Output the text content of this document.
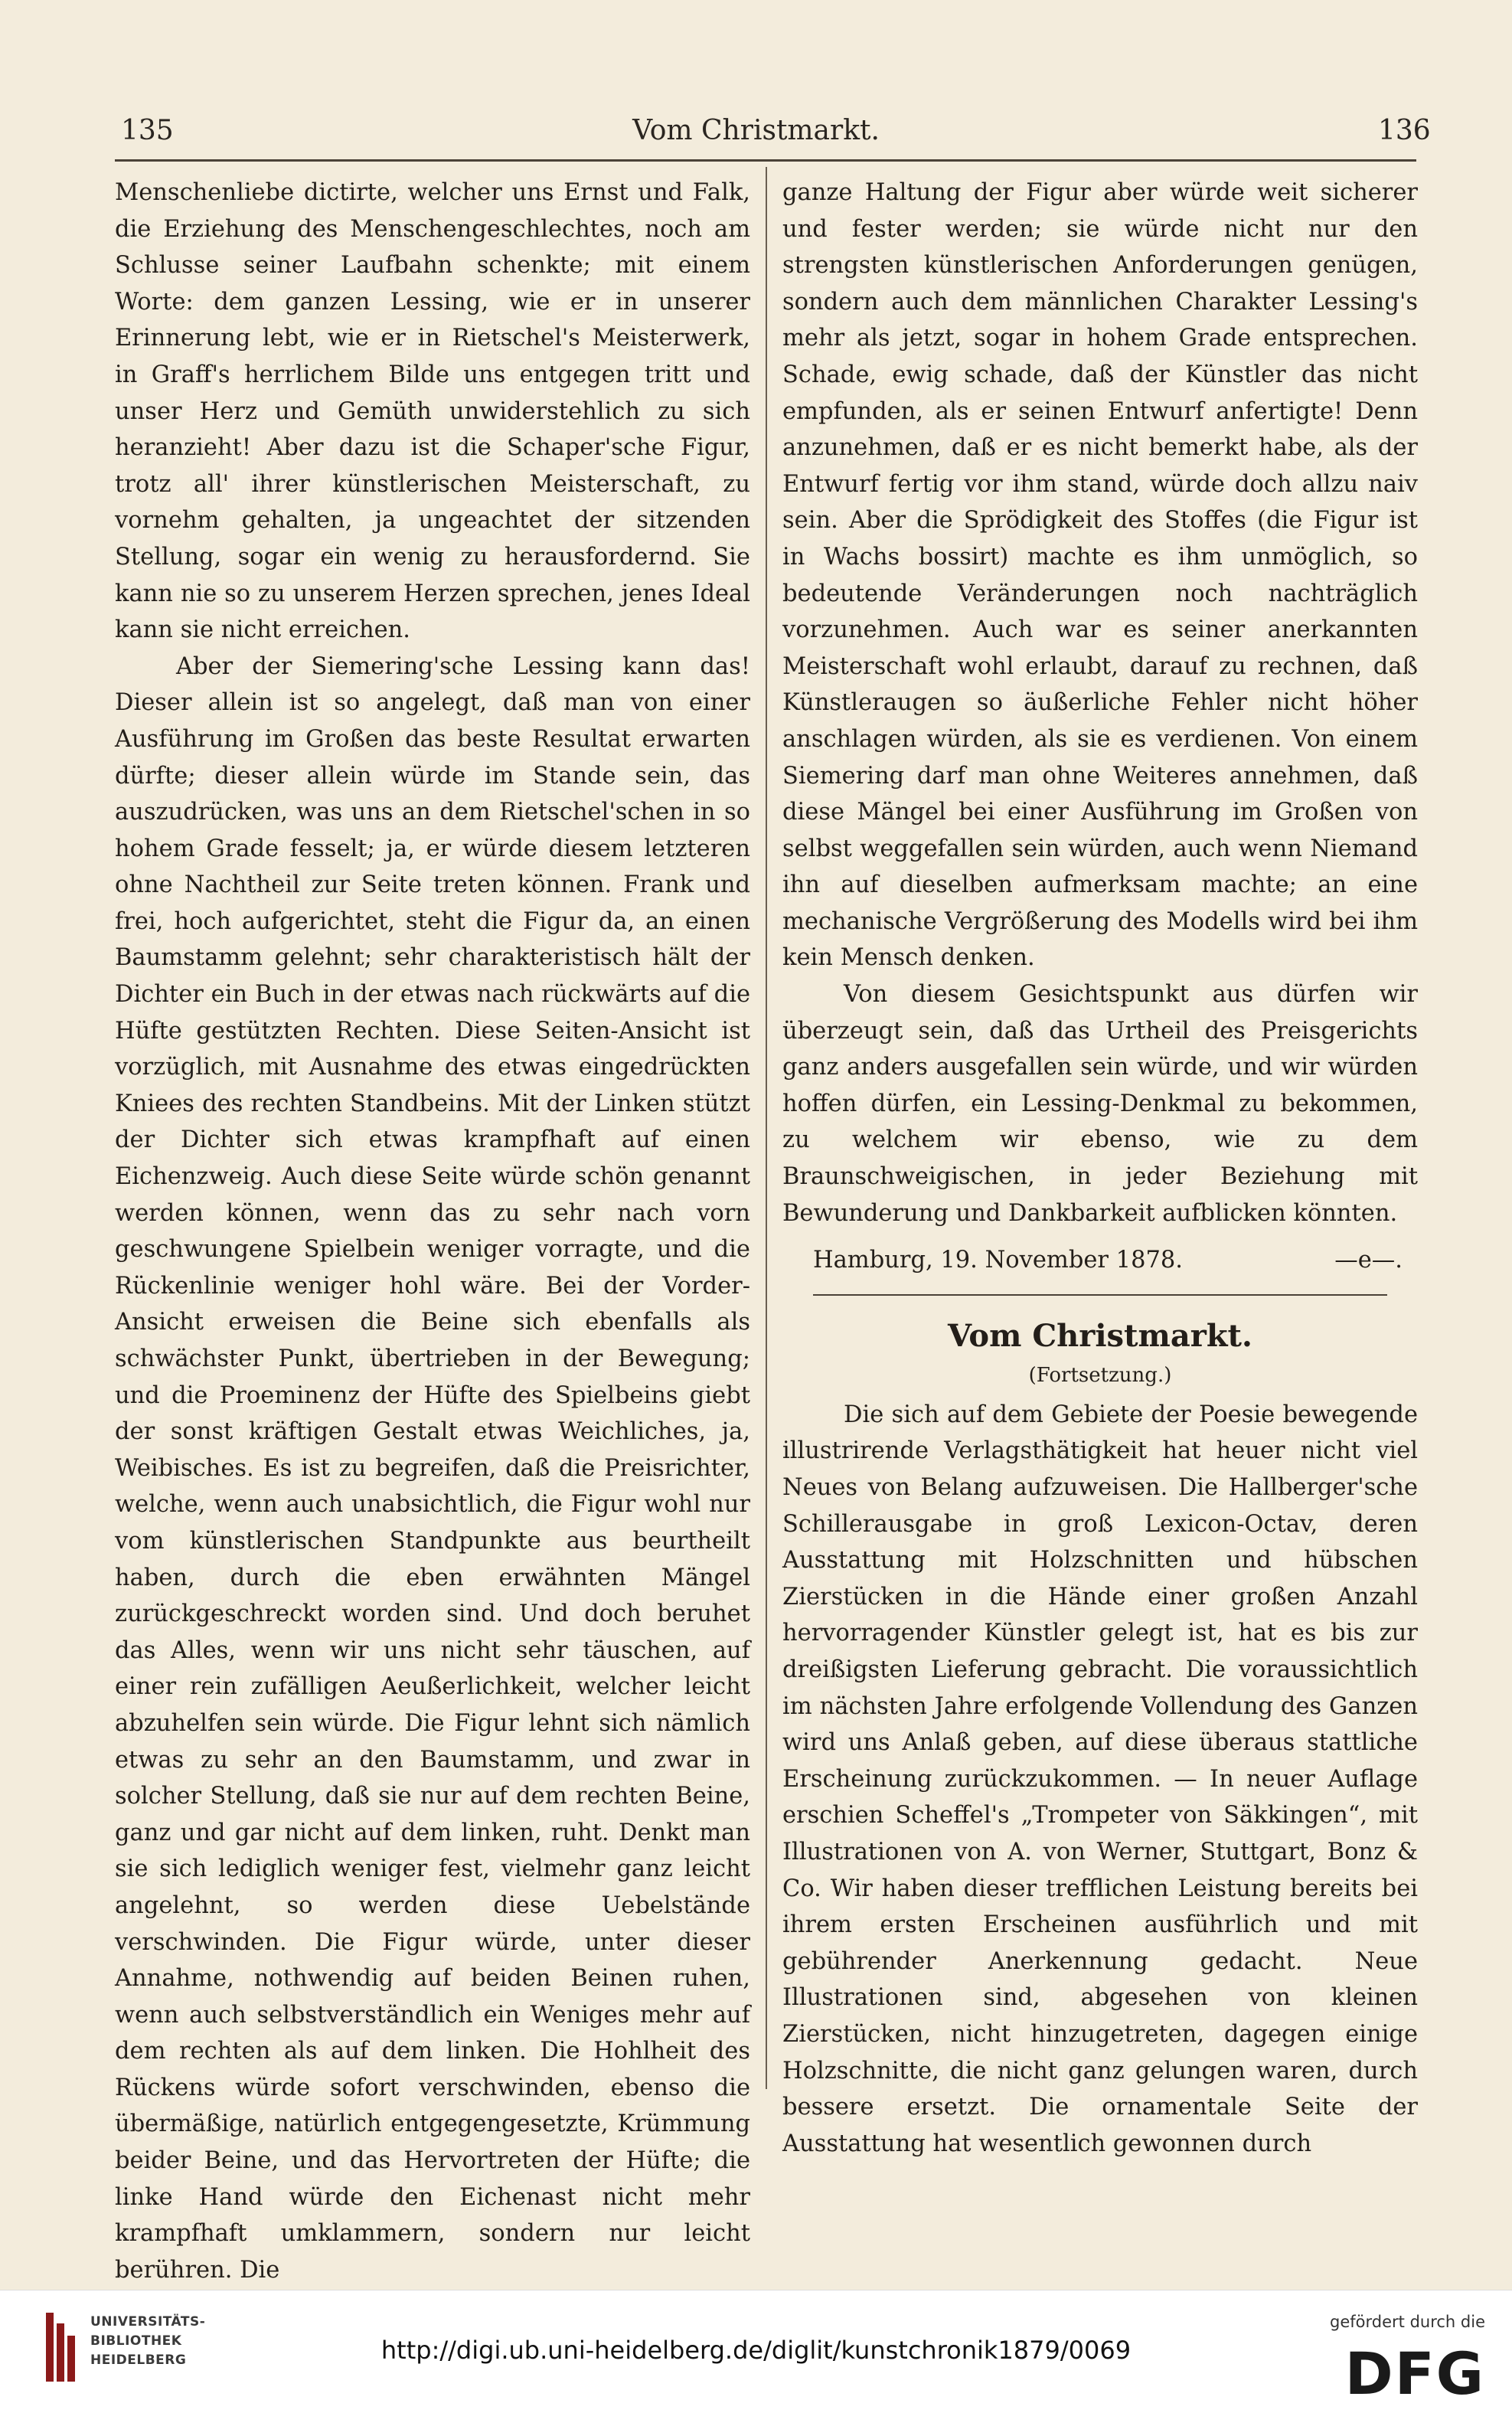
135	Vom Christmarkt.	136

Menschenliebe dictirte, welcher uns Ernst und Falk, die Erziehung des Menschengeschlechtes, noch am Schlusse seiner Laufbahn schenkte; mit einem Worte: dem ganzen Lessing, wie er in unserer Erinnerung lebt, wie er in Rietschel's Meisterwerk, in Graff's herrlichem Bilde uns entgegen tritt und unser Herz und Gemüth unwiderstehlich zu sich heranzieht! Aber dazu ist die Schaper'sche Figur, trotz all' ihrer künstlerischen Meisterschaft, zu vornehm gehalten, ja ungeachtet der sitzenden Stellung, sogar ein wenig zu herausfordernd. Sie kann nie so zu unserem Herzen sprechen, jenes Ideal kann sie nicht erreichen.

Aber der Siemering'sche Lessing kann das! Dieser allein ist so angelegt, daß man von einer Ausführung im Großen das beste Resultat erwarten dürfte; dieser allein würde im Stande sein, das auszudrücken, was uns an dem Rietschel'schen in so hohem Grade fesselt; ja, er würde diesem letzteren ohne Nachtheil zur Seite treten können. Frank und frei, hoch aufgerichtet, steht die Figur da, an einen Baumstamm gelehnt; sehr charakteristisch hält der Dichter ein Buch in der etwas nach rückwärts auf die Hüfte gestützten Rechten. Diese Seiten-Ansicht ist vorzüglich, mit Ausnahme des etwas eingedrückten Kniees des rechten Standbeins. Mit der Linken stützt der Dichter sich etwas krampfhaft auf einen Eichenzweig. Auch diese Seite würde schön genannt werden können, wenn das zu sehr nach vorn geschwungene Spielbein weniger vorragte, und die Rückenlinie weniger hohl wäre. Bei der Vorder-Ansicht erweisen die Beine sich ebenfalls als schwächster Punkt, übertrieben in der Bewegung; und die Proeminenz der Hüfte des Spielbeins giebt der sonst kräftigen Gestalt etwas Weichliches, ja, Weibisches. Es ist zu begreifen, daß die Preisrichter, welche, wenn auch unabsichtlich, die Figur wohl nur vom künstlerischen Standpunkte aus beurtheilt haben, durch die eben erwähnten Mängel zurückgeschreckt worden sind. Und doch beruhet das Alles, wenn wir uns nicht sehr täuschen, auf einer rein zufälligen Aeußerlichkeit, welcher leicht abzuhelfen sein würde. Die Figur lehnt sich nämlich etwas zu sehr an den Baumstamm, und zwar in solcher Stellung, daß sie nur auf dem rechten Beine, ganz und gar nicht auf dem linken, ruht. Denkt man sie sich lediglich weniger fest, vielmehr ganz leicht angelehnt, so werden diese Uebelstände verschwinden. Die Figur würde, unter dieser Annahme, nothwendig auf beiden Beinen ruhen, wenn auch selbstverständlich ein Weniges mehr auf dem rechten als auf dem linken. Die Hohlheit des Rückens würde sofort verschwinden, ebenso die übermäßige, natürlich entgegengesetzte, Krümmung beider Beine, und das Hervortreten der Hüfte; die linke Hand würde den Eichenast nicht mehr krampfhaft umklammern, sondern nur leicht berühren. Die

ganze Haltung der Figur aber würde weit sicherer und fester werden; sie würde nicht nur den strengsten künstlerischen Anforderungen genügen, sondern auch dem männlichen Charakter Lessing's mehr als jetzt, sogar in hohem Grade entsprechen. Schade, ewig schade, daß der Künstler das nicht empfunden, als er seinen Entwurf anfertigte! Denn anzunehmen, daß er es nicht bemerkt habe, als der Entwurf fertig vor ihm stand, würde doch allzu naiv sein. Aber die Sprödigkeit des Stoffes (die Figur ist in Wachs bossirt) machte es ihm unmöglich, so bedeutende Veränderungen noch nachträglich vorzunehmen. Auch war es seiner anerkannten Meisterschaft wohl erlaubt, darauf zu rechnen, daß Künstleraugen so äußerliche Fehler nicht höher anschlagen würden, als sie es verdienen. Von einem Siemering darf man ohne Weiteres annehmen, daß diese Mängel bei einer Ausführung im Großen von selbst weggefallen sein würden, auch wenn Niemand ihn auf dieselben aufmerksam machte; an eine mechanische Vergrößerung des Modells wird bei ihm kein Mensch denken.

Von diesem Gesichtspunkt aus dürfen wir überzeugt sein, daß das Urtheil des Preisgerichts ganz anders ausgefallen sein würde, und wir würden hoffen dürfen, ein Lessing-Denkmal zu bekommen, zu welchem wir ebenso, wie zu dem Braunschweigischen, in jeder Beziehung mit Bewunderung und Dankbarkeit aufblicken könnten.

Hamburg, 19. November 1878.	—e—.
Vom Christmarkt.
(Fortsetzung.)

Die sich auf dem Gebiete der Poesie bewegende illustrirende Verlagsthätigkeit hat heuer nicht viel Neues von Belang aufzuweisen. Die Hallberger'sche Schillerausgabe in groß Lexicon-Octav, deren Ausstattung mit Holzschnitten und hübschen Zierstücken in die Hände einer großen Anzahl hervorragender Künstler gelegt ist, hat es bis zur dreißigsten Lieferung gebracht. Die voraussichtlich im nächsten Jahre erfolgende Vollendung des Ganzen wird uns Anlaß geben, auf diese überaus stattliche Erscheinung zurückzukommen. — In neuer Auflage erschien Scheffel's „Trompeter von Säkkingen“, mit Illustrationen von A. von Werner, Stuttgart, Bonz & Co. Wir haben dieser trefflichen Leistung bereits bei ihrem ersten Erscheinen ausführlich und mit gebührender Anerkennung gedacht. Neue Illustrationen sind, abgesehen von kleinen Zierstücken, nicht hinzugetreten, dagegen einige Holzschnitte, die nicht ganz gelungen waren, durch bessere ersetzt. Die ornamentale Seite der Ausstattung hat wesentlich gewonnen durch

UNIVERSITÄTS-
BIBLIOTHEK
HEIDELBERG	http://digi.ub.uni-heidelberg.de/diglit/kunstchronik1879/0069
gefördert durch die
DFG
